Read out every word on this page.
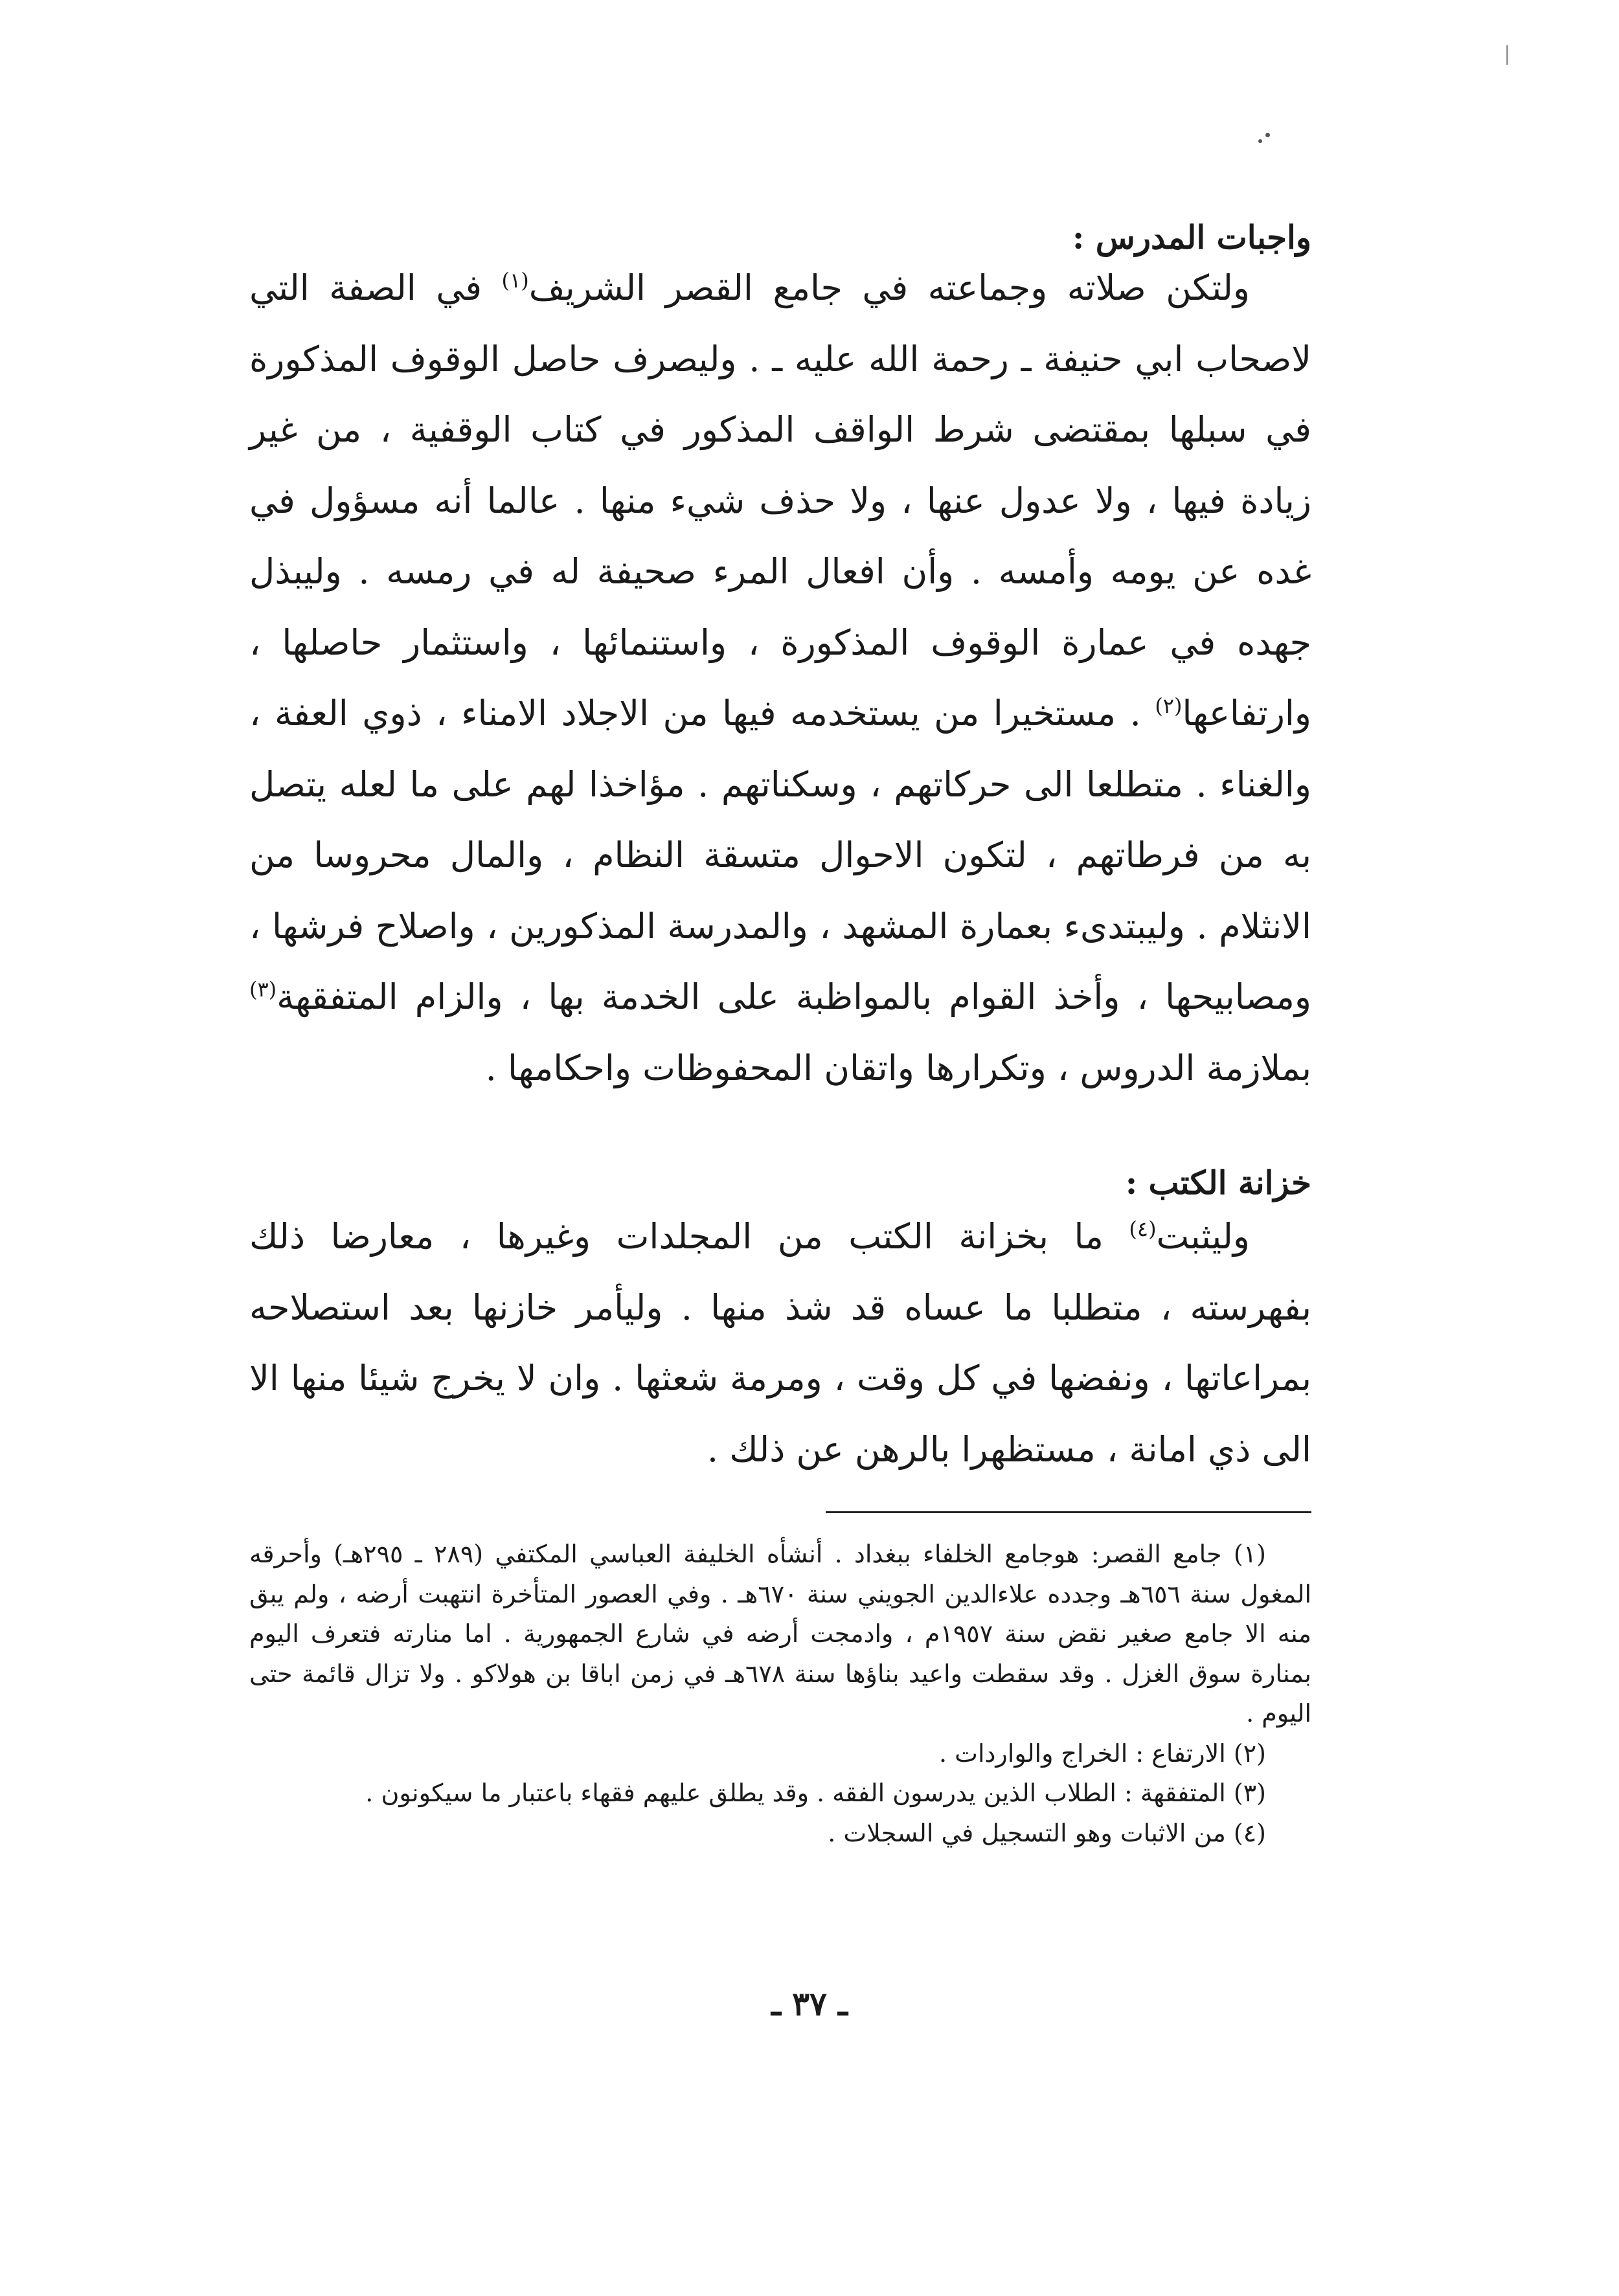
واجبات المدرس :

ولتكن صلاته وجماعته في جامع القصر الشريف$^{(١)}$ في الصفة التي لاصحاب ابي حنيفة ـ رحمة الله عليه ـ . وليصرف حاصل الوقوف المذكورة في سبلها بمقتضى شرط الواقف المذكور في كتاب الوقفية ، من غير زيادة فيها ، ولا عدول عنها ، ولا حذف شيء منها . عالما أنه مسؤول في غده عن يومه وأمسه . وأن افعال المرء صحيفة له في رمسه . وليبذل جهده في عمارة الوقوف المذكورة ، واستنمائها ، واستثمار حاصلها ، وارتفاعها$^{(٢)}$ . مستخيرا من يستخدمه فيها من الاجلاد الامناء ، ذوي العفة ، والغناء . متطلعا الى حركاتهم ، وسكناتهم . مؤاخذا لهم على ما لعله يتصل به من فرطاتهم ، لتكون الاحوال متسقة النظام ، والمال محروسا من الانثلام . وليبتدىء بعمارة المشهد ، والمدرسة المذكورين ، واصلاح فرشها ، ومصابيحها ، وأخذ القوام بالمواظبة على الخدمة بها ، والزام المتفقهة$^{(٣)}$ بملازمة الدروس ، وتكرارها واتقان المحفوظات واحكامها .

خزانة الكتب :

وليثبت$^{(٤)}$ ما بخزانة الكتب من المجلدات وغيرها ، معارضا ذلك بفهرسته ، متطلبا ما عساه قد شذ منها . وليأمر خازنها بعد استصلاحه بمراعاتها ، ونفضها في كل وقت ، ومرمة شعثها . وان لا يخرج شيئا منها الا الى ذي امانة ، مستظهرا بالرهن عن ذلك .

(١) جامع القصر: هوجامع الخلفاء ببغداد . أنشأه الخليفة العباسي المكتفي (٢٨٩ ـ ٢٩٥هـ) وأحرقه المغول سنة ٦٥٦هـ وجدده علاءالدين الجويني سنة ٦٧٠هـ . وفي العصور المتأخرة انتهبت أرضه ، ولم يبق منه الا جامع صغير نقض سنة ١٩٥٧م ، وادمجت أرضه في شارع الجمهورية . اما منارته فتعرف اليوم بمنارة سوق الغزل . وقد سقطت واعيد بناؤها سنة ٦٧٨هـ في زمن اباقا بن هولاكو . ولا تزال قائمة حتى اليوم .

(٢) الارتفاع : الخراج والواردات .

(٣) المتفقهة : الطلاب الذين يدرسون الفقه . وقد يطلق عليهم فقهاء باعتبار ما سيكونون .

(٤) من الاثبات وهو التسجيل في السجلات .

ـ ٣٧ ـ
